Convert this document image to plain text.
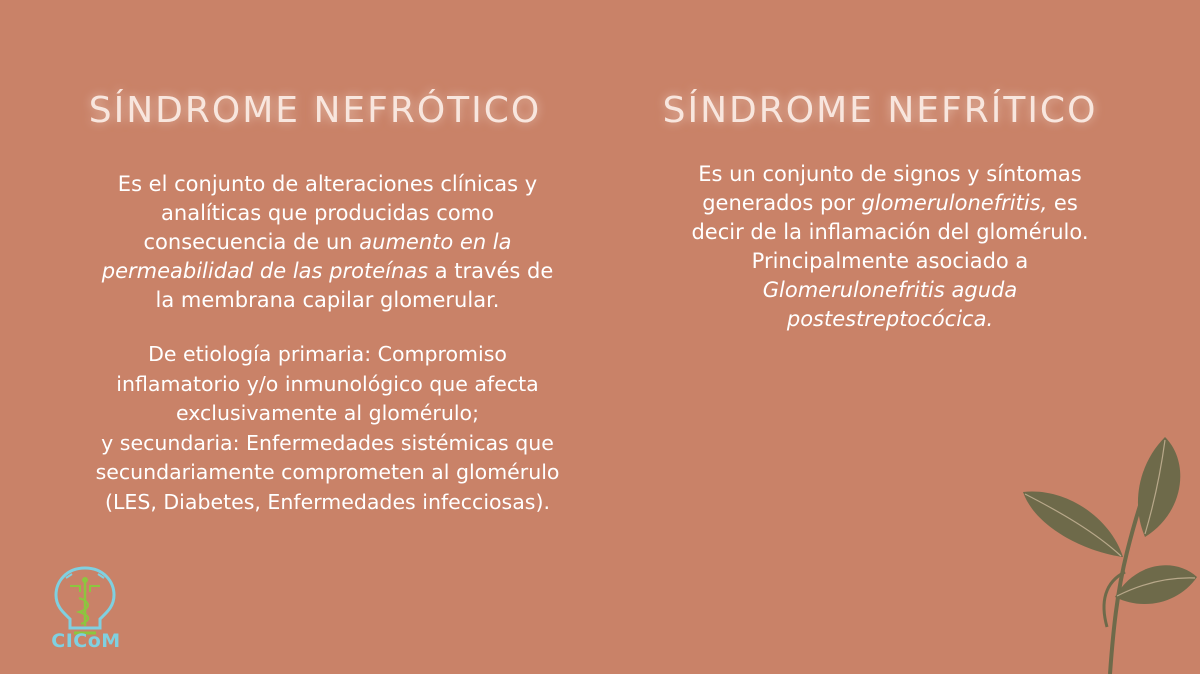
SÍNDROME NEFRÓTICO
Es el conjunto de alteraciones clínicas y
analíticas que producidas como
consecuencia de un aumento en la
permeabilidad de las proteínas a través de
la membrana capilar glomerular.
De etiología primaria: Compromiso
inflamatorio y/o inmunológico que afecta
exclusivamente al glomérulo;
y secundaria: Enfermedades sistémicas que
secundariamente comprometen al glomérulo
(LES, Diabetes, Enfermedades infecciosas).
SÍNDROME NEFRÍTICO
Es un conjunto de signos y síntomas
generados por glomerulonefritis, es
decir de la inflamación del glomérulo.
Principalmente asociado a
Glomerulonefritis aguda
postestreptocócica.
CICoM
